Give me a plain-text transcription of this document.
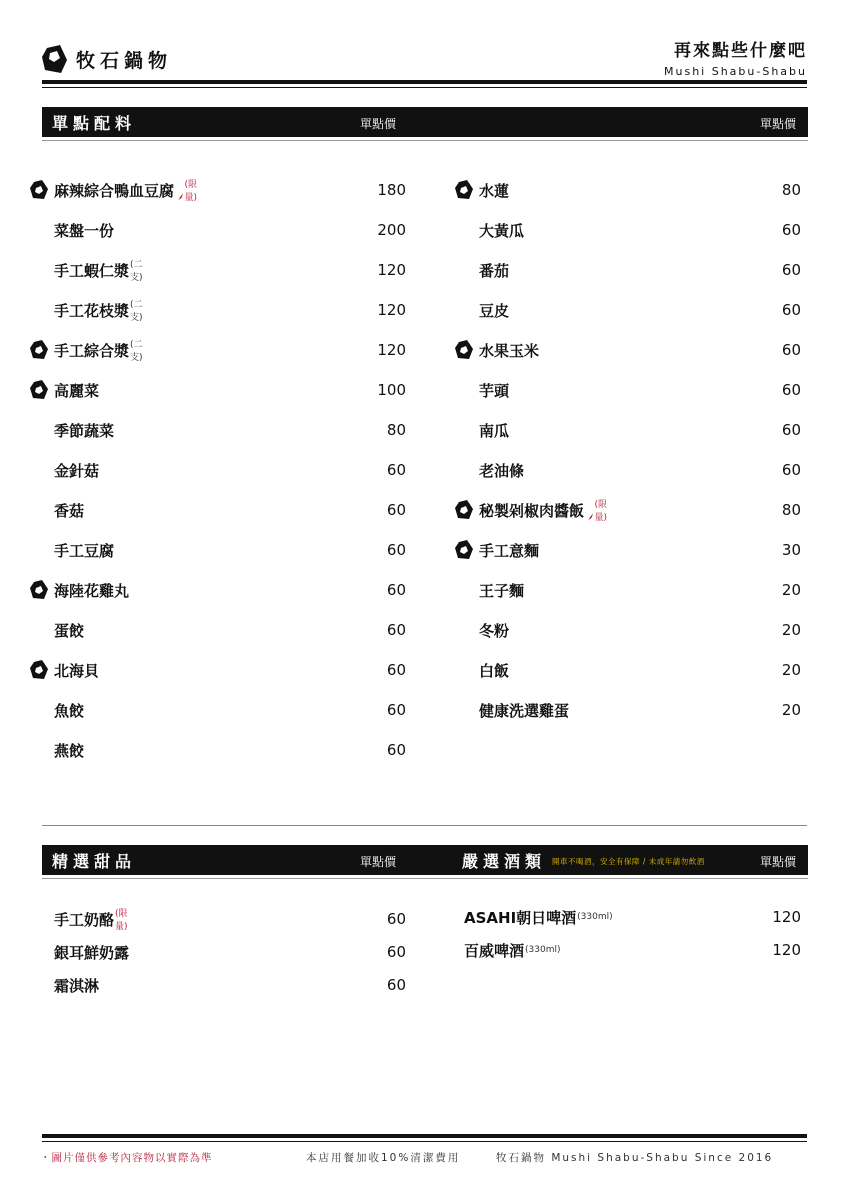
牧石鍋物	再來點些什麼吧
Mushi Shabu-Shabu
單點配料	單點價	單點價
麻辣綜合鴨血豆腐 (限量)	180
菜盤一份	200
手工蝦仁漿 (二支)	120
手工花枝漿 (二支)	120
手工綜合漿 (二支)	120
高麗菜	100
季節蔬菜	80
金針菇	60
香菇	60
手工豆腐	60
海陸花雞丸	60
蛋餃	60
北海貝	60
魚餃	60
燕餃	60
水蓮	80
大黃瓜	60
番茄	60
豆皮	60
水果玉米	60
芋頭	60
南瓜	60
老油條	60
秘製剁椒肉醬飯 (限量)	80
手工意麵	30
王子麵	20
冬粉	20
白飯	20
健康洗選雞蛋	20
精選甜品	單點價	嚴選酒類 開車不喝酒，安全有保障 / 未成年請勿飲酒	單點價
手工奶酪 (限量)	60
銀耳鮮奶露	60
霜淇淋	60
ASAHI朝日啤酒 (330ml)	120
百威啤酒 (330ml)	120
・圖片僅供參考內容物以實際為準	本店用餐加收10%清潔費用	牧石鍋物 Mushi Shabu-Shabu Since 2016
